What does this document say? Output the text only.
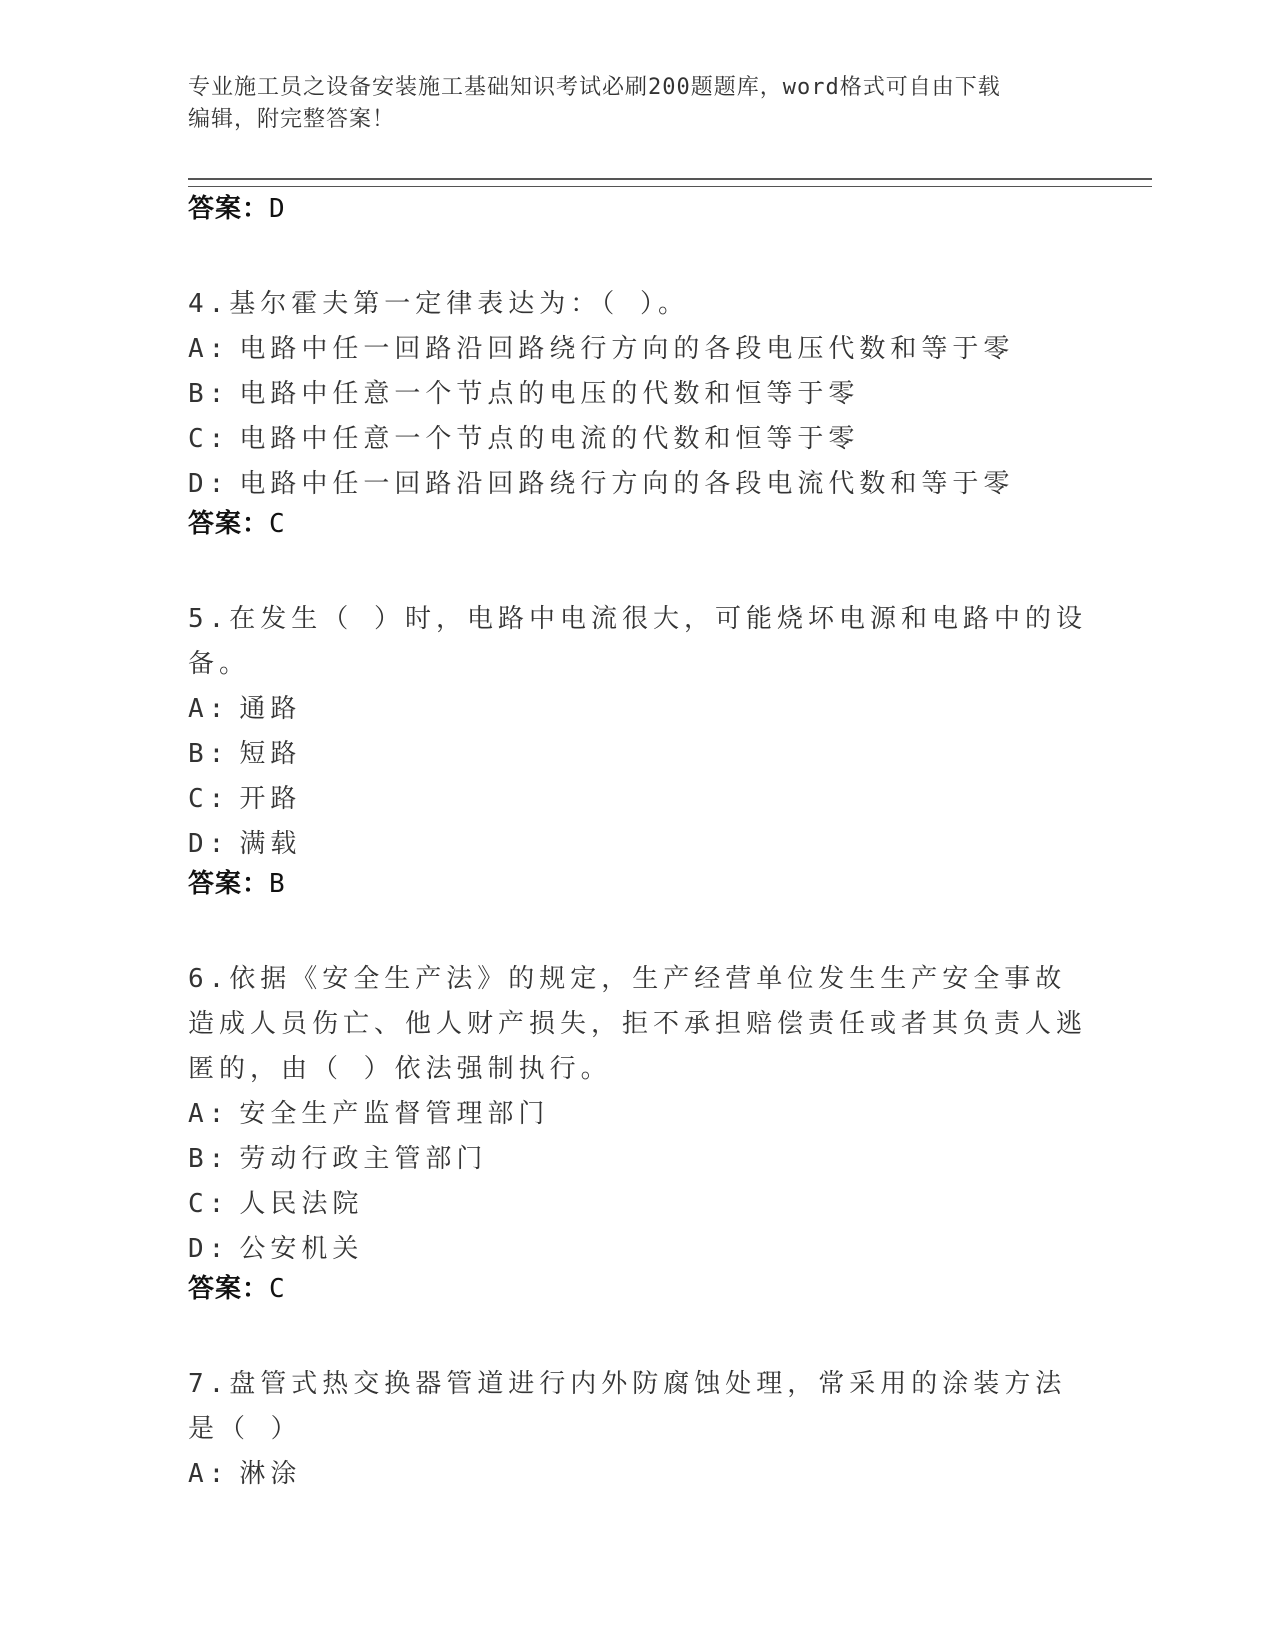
专业施工员之设备安装施工基础知识考试必刷200题题库，word格式可自由下载
编辑，附完整答案！
答案：D
4.基尔霍夫第一定律表达为：（ ）。
A: 电路中任一回路沿回路绕行方向的各段电压代数和等于零
B: 电路中任意一个节点的电压的代数和恒等于零
C: 电路中任意一个节点的电流的代数和恒等于零
D: 电路中任一回路沿回路绕行方向的各段电流代数和等于零
答案：C
5.在发生（ ）时，电路中电流很大，可能烧坏电源和电路中的设备。
A: 通路
B: 短路
C: 开路
D: 满载
答案：B
6.依据《安全生产法》的规定，生产经营单位发生生产安全事故造成人员伤亡、他人财产损失，拒不承担赔偿责任或者其负责人逃匿的，由（ ）依法强制执行。
A: 安全生产监督管理部门
B: 劳动行政主管部门
C: 人民法院
D: 公安机关
答案：C
7.盘管式热交换器管道进行内外防腐蚀处理，常采用的涂装方法是（ ）
A: 淋涂
